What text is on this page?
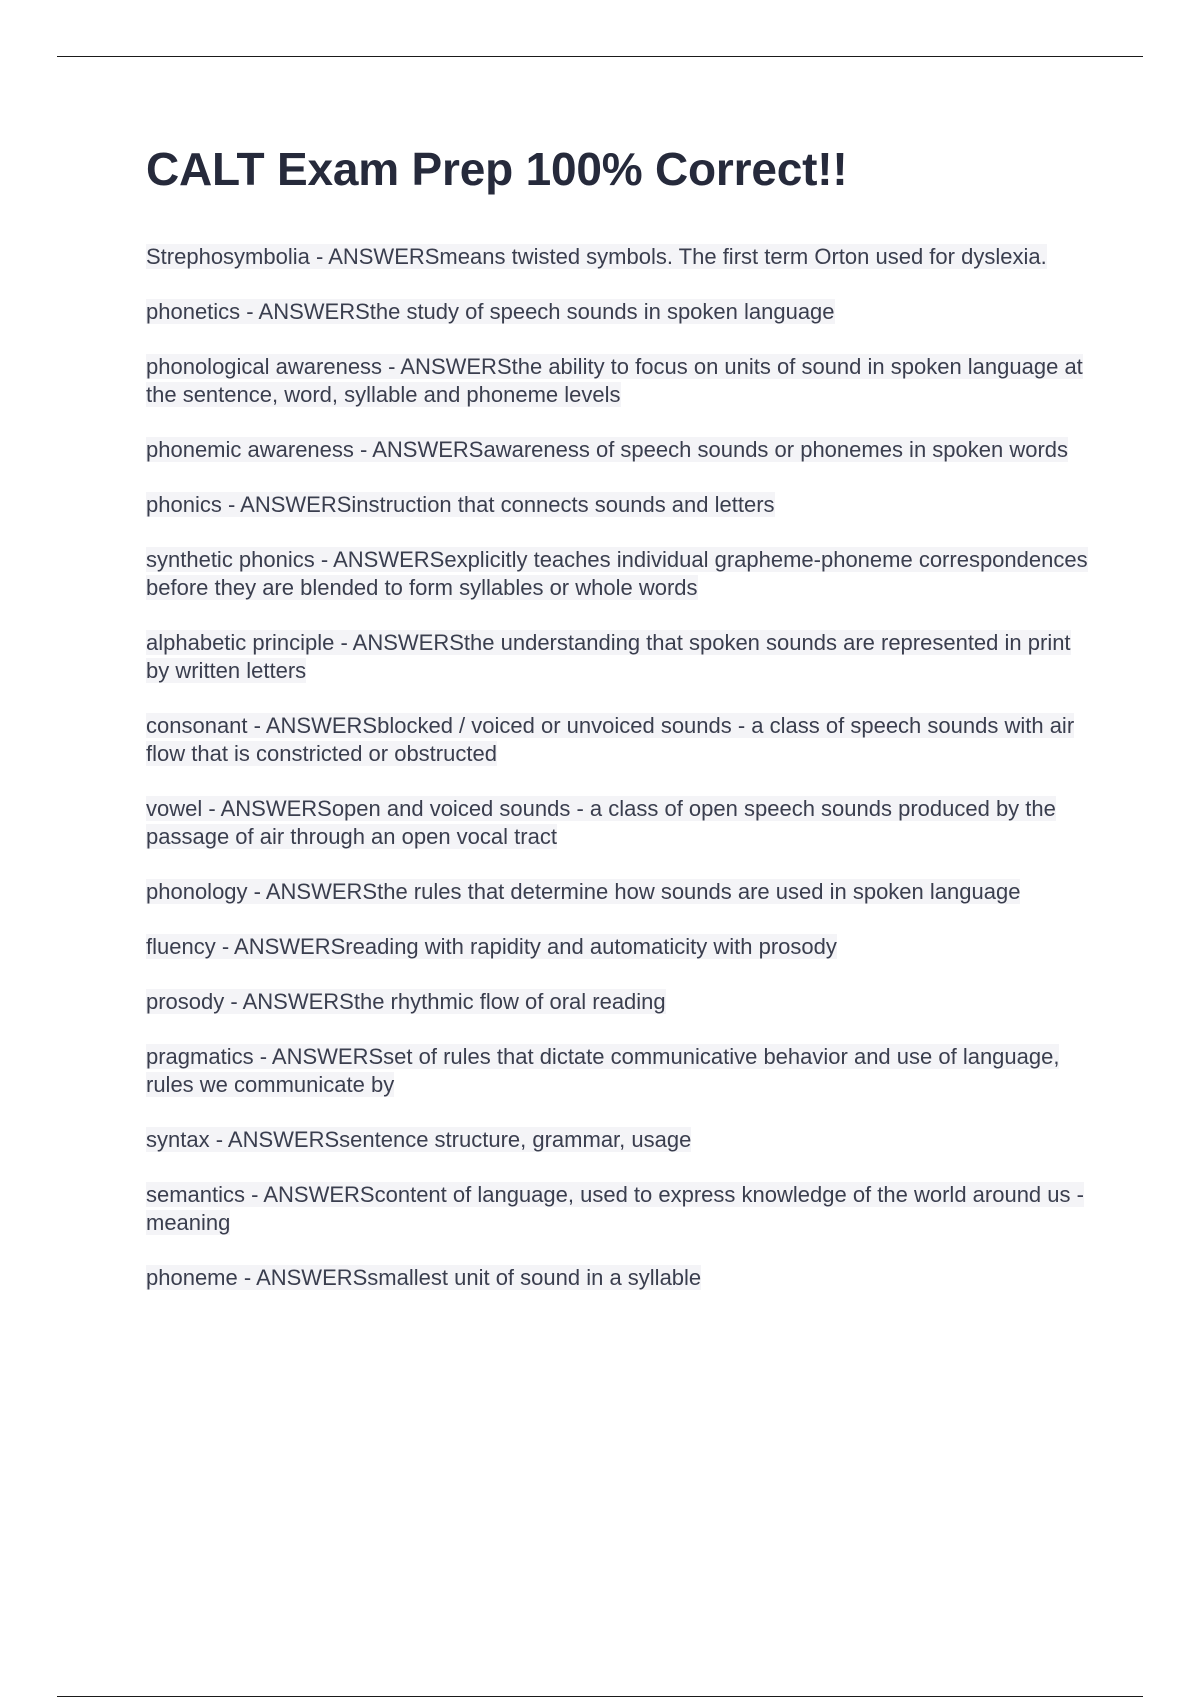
CALT Exam Prep 100% Correct!!

Strephosymbolia - ANSWERSmeans twisted symbols. The first term Orton used for dyslexia.

phonetics - ANSWERSthe study of speech sounds in spoken language

phonological awareness - ANSWERSthe ability to focus on units of sound in spoken language at the sentence, word, syllable and phoneme levels

phonemic awareness - ANSWERSawareness of speech sounds or phonemes in spoken words

phonics - ANSWERSinstruction that connects sounds and letters

synthetic phonics - ANSWERSexplicitly teaches individual grapheme-phoneme correspondences before they are blended to form syllables or whole words

alphabetic principle - ANSWERSthe understanding that spoken sounds are represented in print by written letters

consonant - ANSWERSblocked / voiced or unvoiced sounds - a class of speech sounds with air flow that is constricted or obstructed

vowel - ANSWERSopen and voiced sounds - a class of open speech sounds produced by the passage of air through an open vocal tract

phonology - ANSWERSthe rules that determine how sounds are used in spoken language

fluency - ANSWERSreading with rapidity and automaticity with prosody

prosody - ANSWERSthe rhythmic flow of oral reading

pragmatics - ANSWERSset of rules that dictate communicative behavior and use of language, rules we communicate by

syntax - ANSWERSsentence structure, grammar, usage

semantics - ANSWERScontent of language, used to express knowledge of the world around us - meaning

phoneme - ANSWERSsmallest unit of sound in a syllable
